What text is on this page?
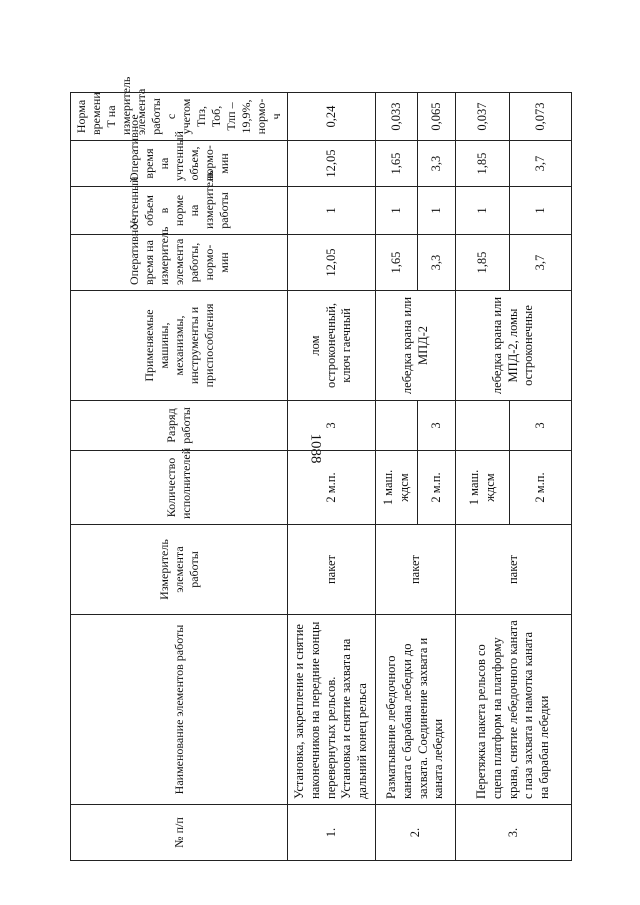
1088
№ п/п	Наименование элементов работы	Измеритель элемента работы	Количество исполнителей	Разряд работы	Применяемые машины, механизмы, инструменты и приспособления	Оперативное время на измеритель элемента работы, нормо-мин	Учтенный объем в норме на измеритель работы	Оперативное время на учтенный объем, нормо-мин	Норма времени Т на измеритель элемента работы с учетом Тпз, Тоб, Тлп – 19,9%, нормо-ч
1.	Установка, закрепление и снятие наконечников на передние концы перевернутых рельсов. Установка и снятие захвата на дальний конец рельса	пакет	2 м.п.	3	лом остроконечный, ключ гаечный	12,05	1	12,05	0,24
2.	Разматывание лебедочного каната с барабана лебедки до захвата. Соединение захвата и каната лебедки	пакет	1 маш. ждсм		лебедка крана или МПД-2	1,65	1	1,65	0,033
			2 м.п.	3		3,3	1	3,3	0,065
3.	Перетяжка пакета рельсов со сцепа платформ на платформу крана, снятие лебедочного каната с паза захвата и намотка каната на барабан лебедки	пакет	1 маш. ждсм		лебедка крана или МПД-2, ломы остроконечные	1,85	1	1,85	0,037
			2 м.п.	3		3,7	1	3,7	0,073
